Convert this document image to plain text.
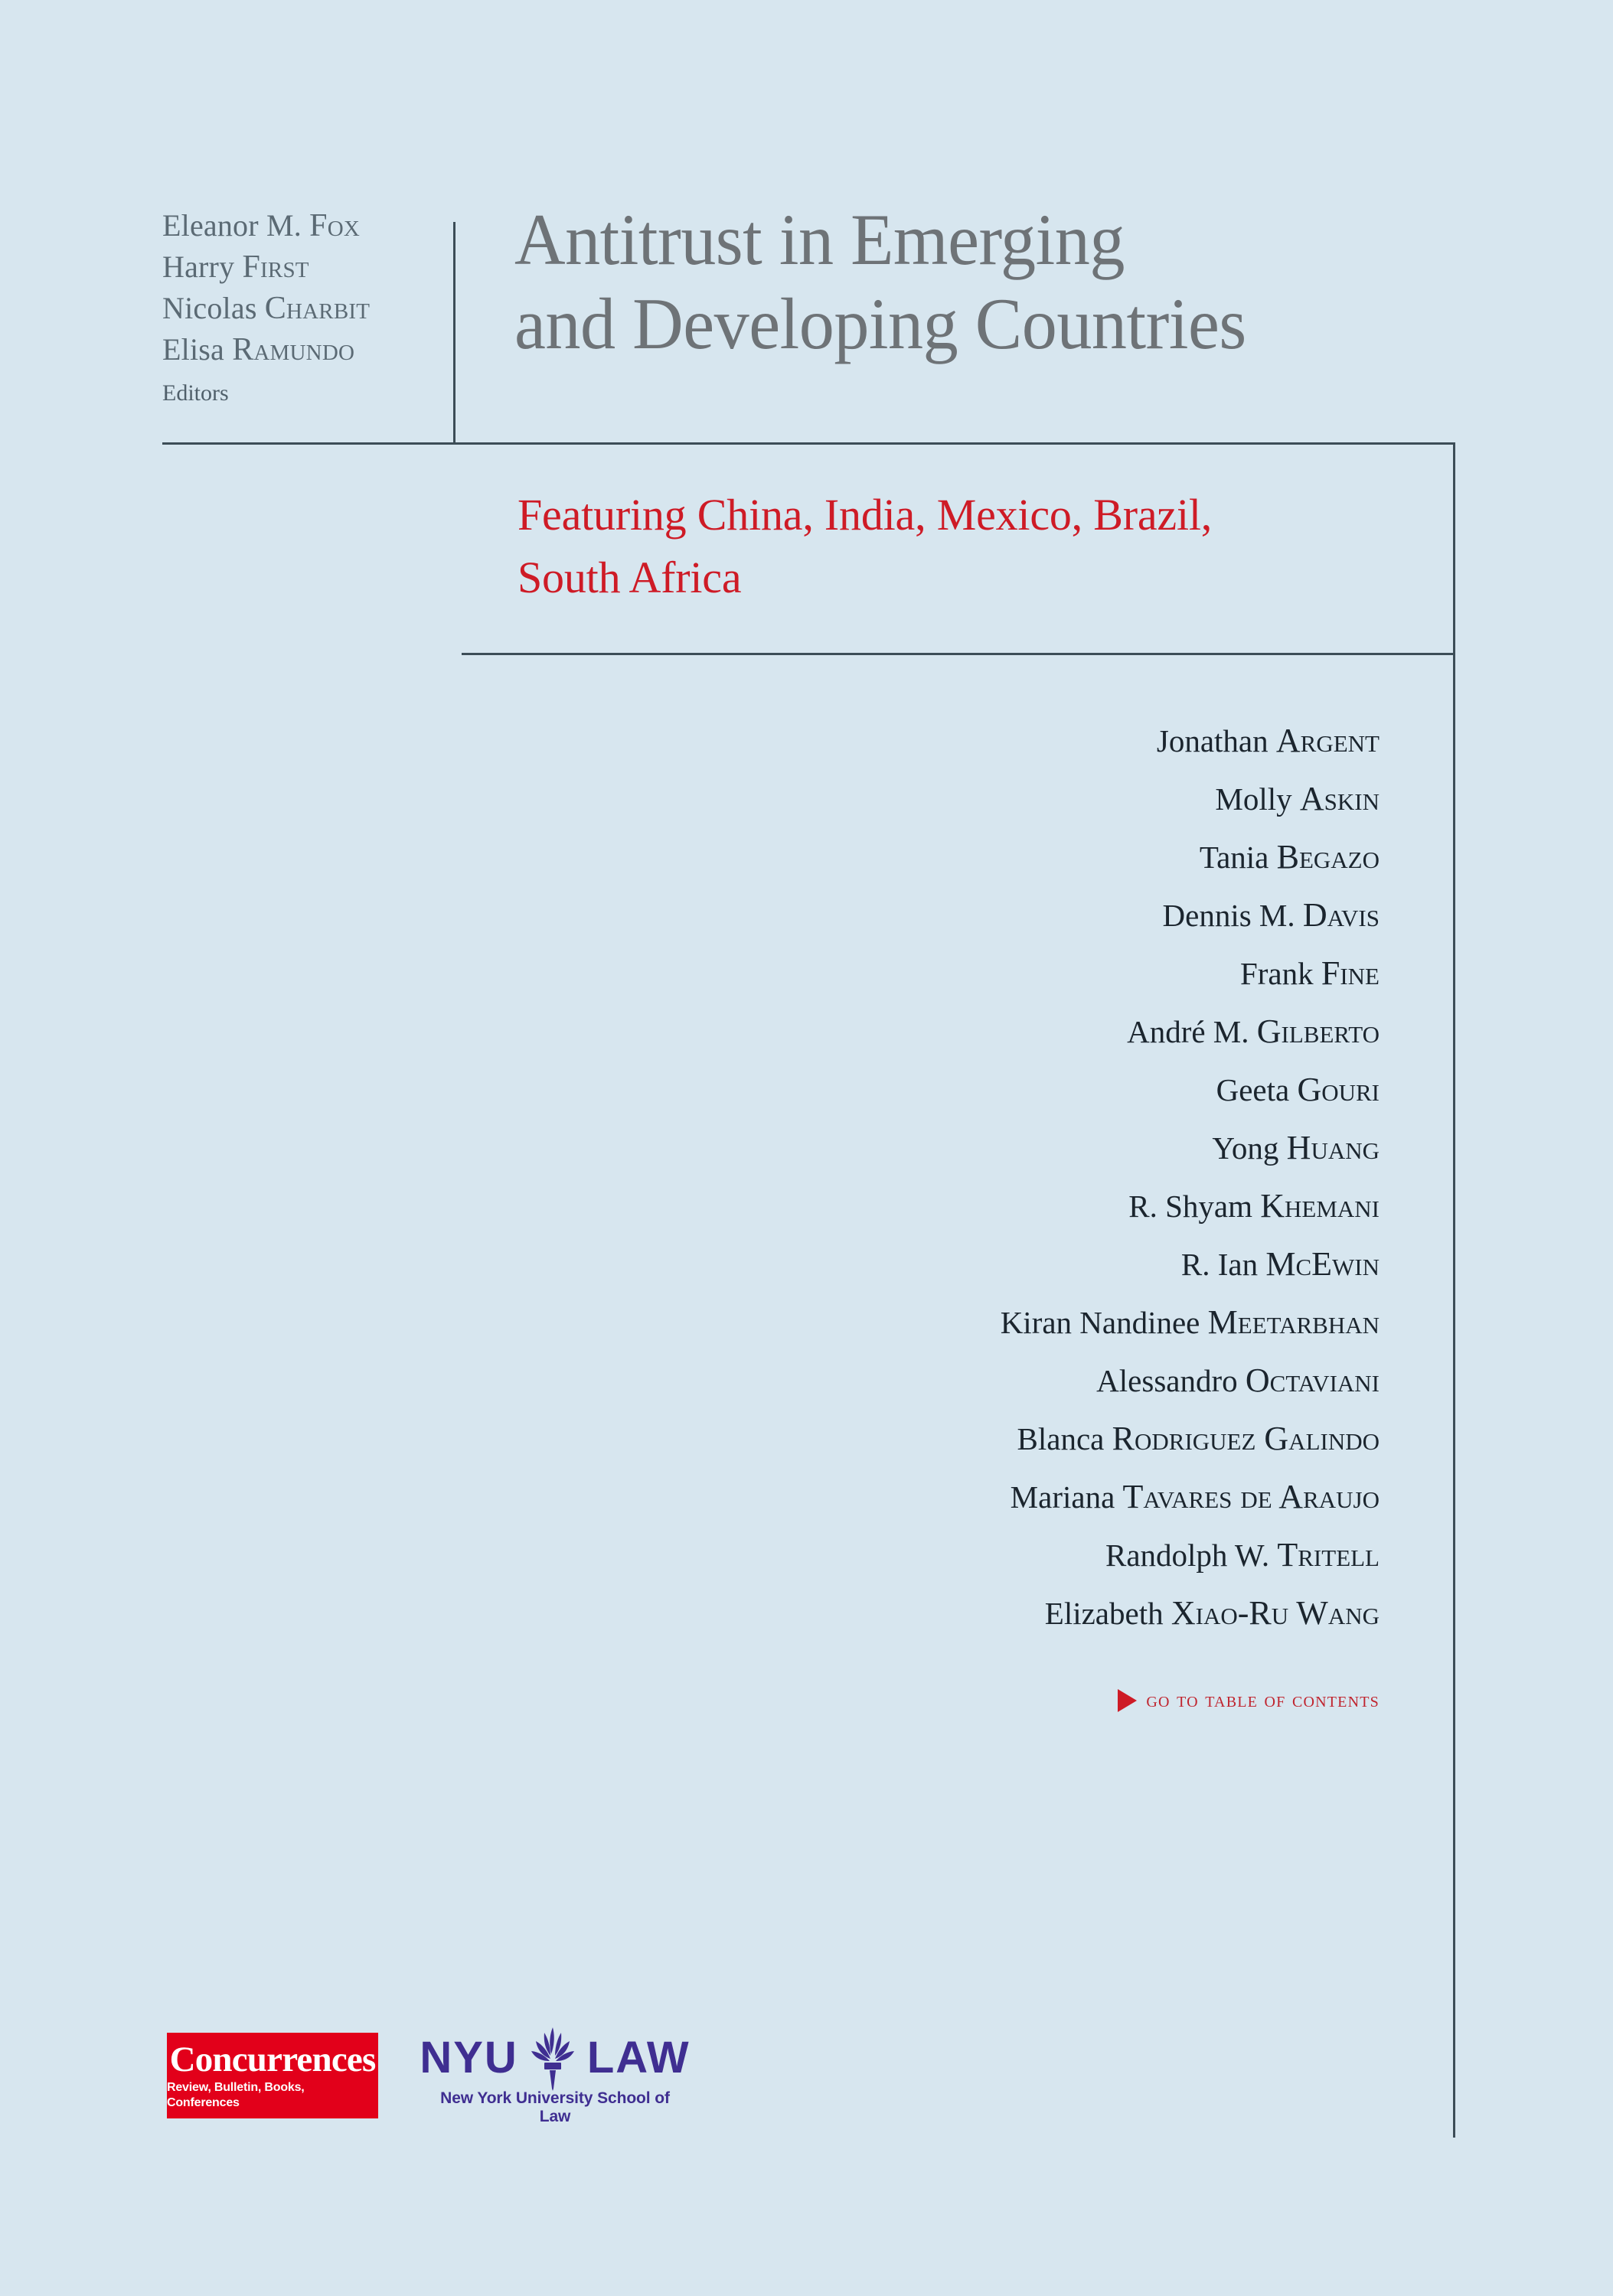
Eleanor M. Fox
Harry First
Nicolas Charbit
Elisa Ramundo
Editors
Antitrust in Emerging
and Developing Countries
Featuring China, India, Mexico, Brazil,
South Africa
Jonathan Argent
Molly Askin
Tania Begazo
Dennis M. Davis
Frank Fine
André M. Gilberto
Geeta Gouri
Yong Huang
R. Shyam Khemani
R. Ian McEwin
Kiran Nandinee Meetarbhan
Alessandro Octaviani
Blanca Rodriguez Galindo
Mariana Tavares de Araujo
Randolph W. Tritell
Elizabeth Xiao-Ru Wang
go to table of contents
Concurrences
Review, Bulletin, Books, Conferences
NYU LAW
New York University School of Law
